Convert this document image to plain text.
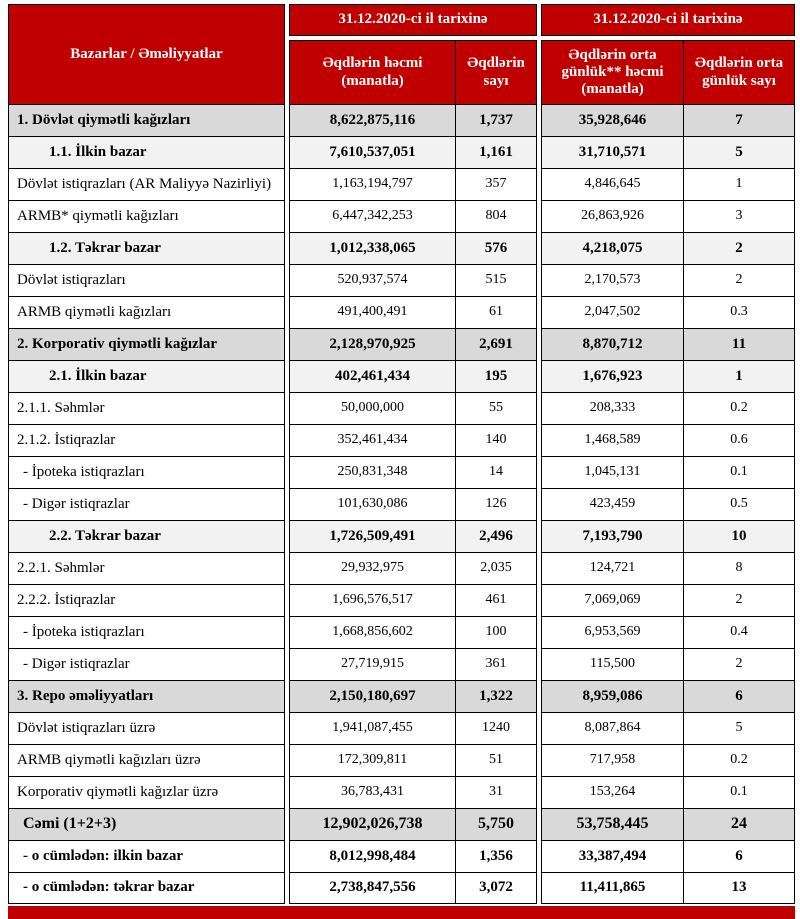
Bazarlar / Əməliyyatlar
31.12.2020-ci il tarixinə	31.12.2020-ci il tarixinə
Əqdlərin həcmi (manatla)
Əqdlərin sayı
Əqdlərin orta günlük** həcmi (manatla)
Əqdlərin orta günlük sayı
1. Dövlət qiymətli kağızları	8,622,875,116	1,737	35,928,646	7
1.1. İlkin bazar	7,610,537,051	1,161	31,710,571	5
Dövlət istiqrazları (AR Maliyyə Nazirliyi)	1,163,194,797	357	4,846,645	1
ARMB* qiymətli kağızları	6,447,342,253	804	26,863,926	3
1.2. Təkrar bazar	1,012,338,065	576	4,218,075	2
Dövlət istiqrazları	520,937,574	515	2,170,573	2
ARMB qiymətli kağızları	491,400,491	61	2,047,502	0.3
2. Korporativ qiymətli kağızlar	2,128,970,925	2,691	8,870,712	11
2.1. İlkin bazar	402,461,434	195	1,676,923	1
2.1.1. Səhmlər	50,000,000	55	208,333	0.2
2.1.2. İstiqrazlar	352,461,434	140	1,468,589	0.6
- İpoteka istiqrazları	250,831,348	14	1,045,131	0.1
- Digər istiqrazlar	101,630,086	126	423,459	0.5
2.2. Təkrar bazar	1,726,509,491	2,496	7,193,790	10
2.2.1. Səhmlər	29,932,975	2,035	124,721	8
2.2.2. İstiqrazlar	1,696,576,517	461	7,069,069	2
- İpoteka istiqrazları	1,668,856,602	100	6,953,569	0.4
- Digər istiqrazlar	27,719,915	361	115,500	2
3. Repo əməliyyatları	2,150,180,697	1,322	8,959,086	6
Dövlət istiqrazları üzrə	1,941,087,455	1240	8,087,864	5
ARMB qiymətli kağızları üzrə	172,309,811	51	717,958	0.2
Korporativ qiymətli kağızlar üzrə	36,783,431	31	153,264	0.1
Cəmi (1+2+3)	12,902,026,738	5,750	53,758,445	24
- o cümlədən: ilkin bazar	8,012,998,484	1,356	33,387,494	6
- o cümlədən: təkrar bazar	2,738,847,556	3,072	11,411,865	13
